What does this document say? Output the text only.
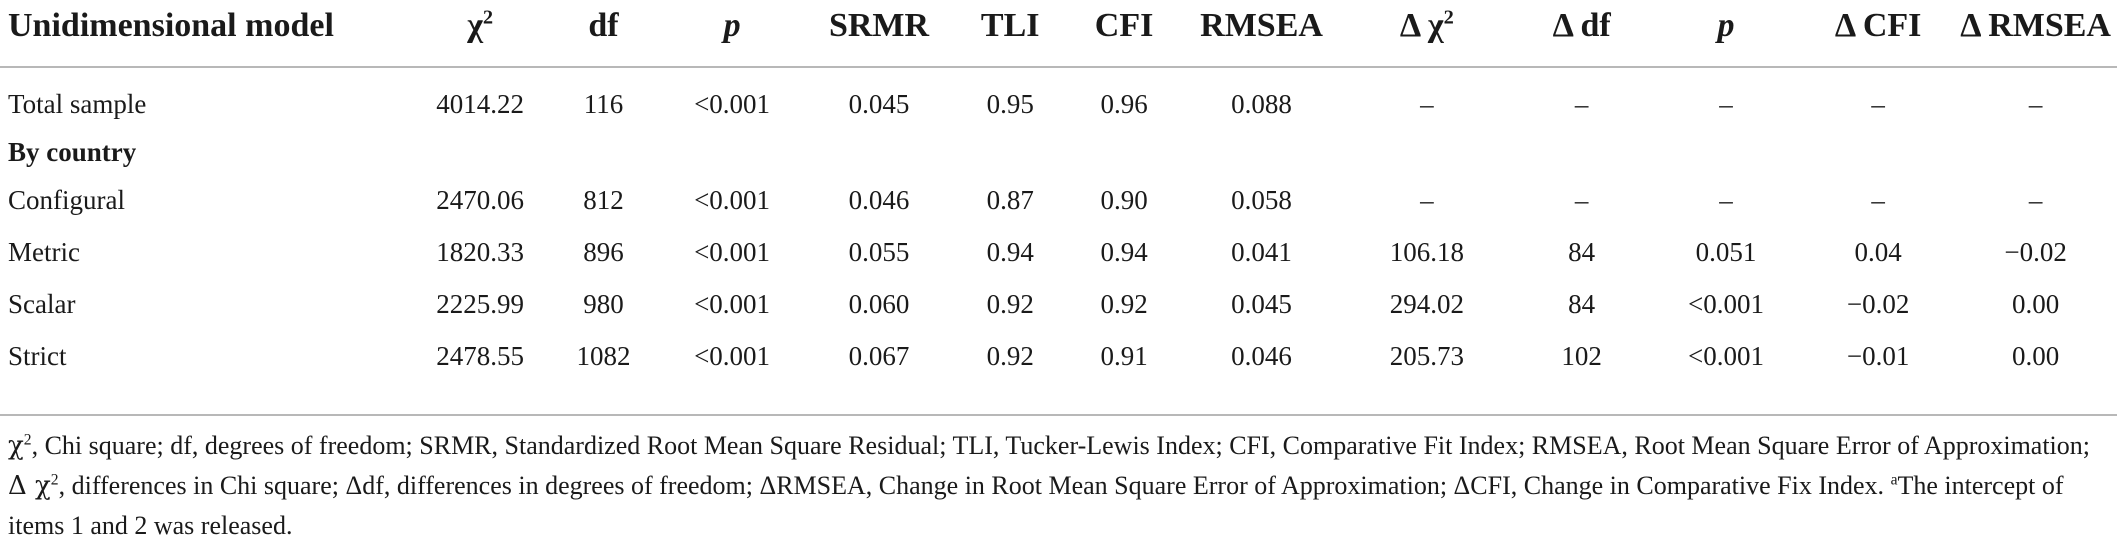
Unidimensional model	$\chi^2$	df	p	SRMR	TLI	CFI	RMSEA	Δ $\chi^2$	Δ df	p	Δ CFI	Δ RMSEA

Total sample	4014.22	116	<0.001	0.045	0.95	0.96	0.088	–	–	–	–	–
By country												
Configural	2470.06	812	<0.001	0.046	0.87	0.90	0.058	–	–	–	–	–
Metric	1820.33	896	<0.001	0.055	0.94	0.94	0.041	106.18	84	0.051	0.04	−0.02
Scalar	2225.99	980	<0.001	0.060	0.92	0.92	0.045	294.02	84	<0.001	−0.02	0.00
Strict	2478.55	1082	<0.001	0.067	0.92	0.91	0.046	205.73	102	<0.001	−0.01	0.00

$\chi^2$, Chi square; df, degrees of freedom; SRMR, Standardized Root Mean Square Residual; TLI, Tucker-Lewis Index; CFI, Comparative Fit Index; RMSEA, Root Mean Square Error of Approximation; Δ $\chi^2$, differences in Chi square; Δdf, differences in degrees of freedom; ΔRMSEA, Change in Root Mean Square Error of Approximation; ΔCFI, Change in Comparative Fix Index. $^a$The intercept of items 1 and 2 was released.
